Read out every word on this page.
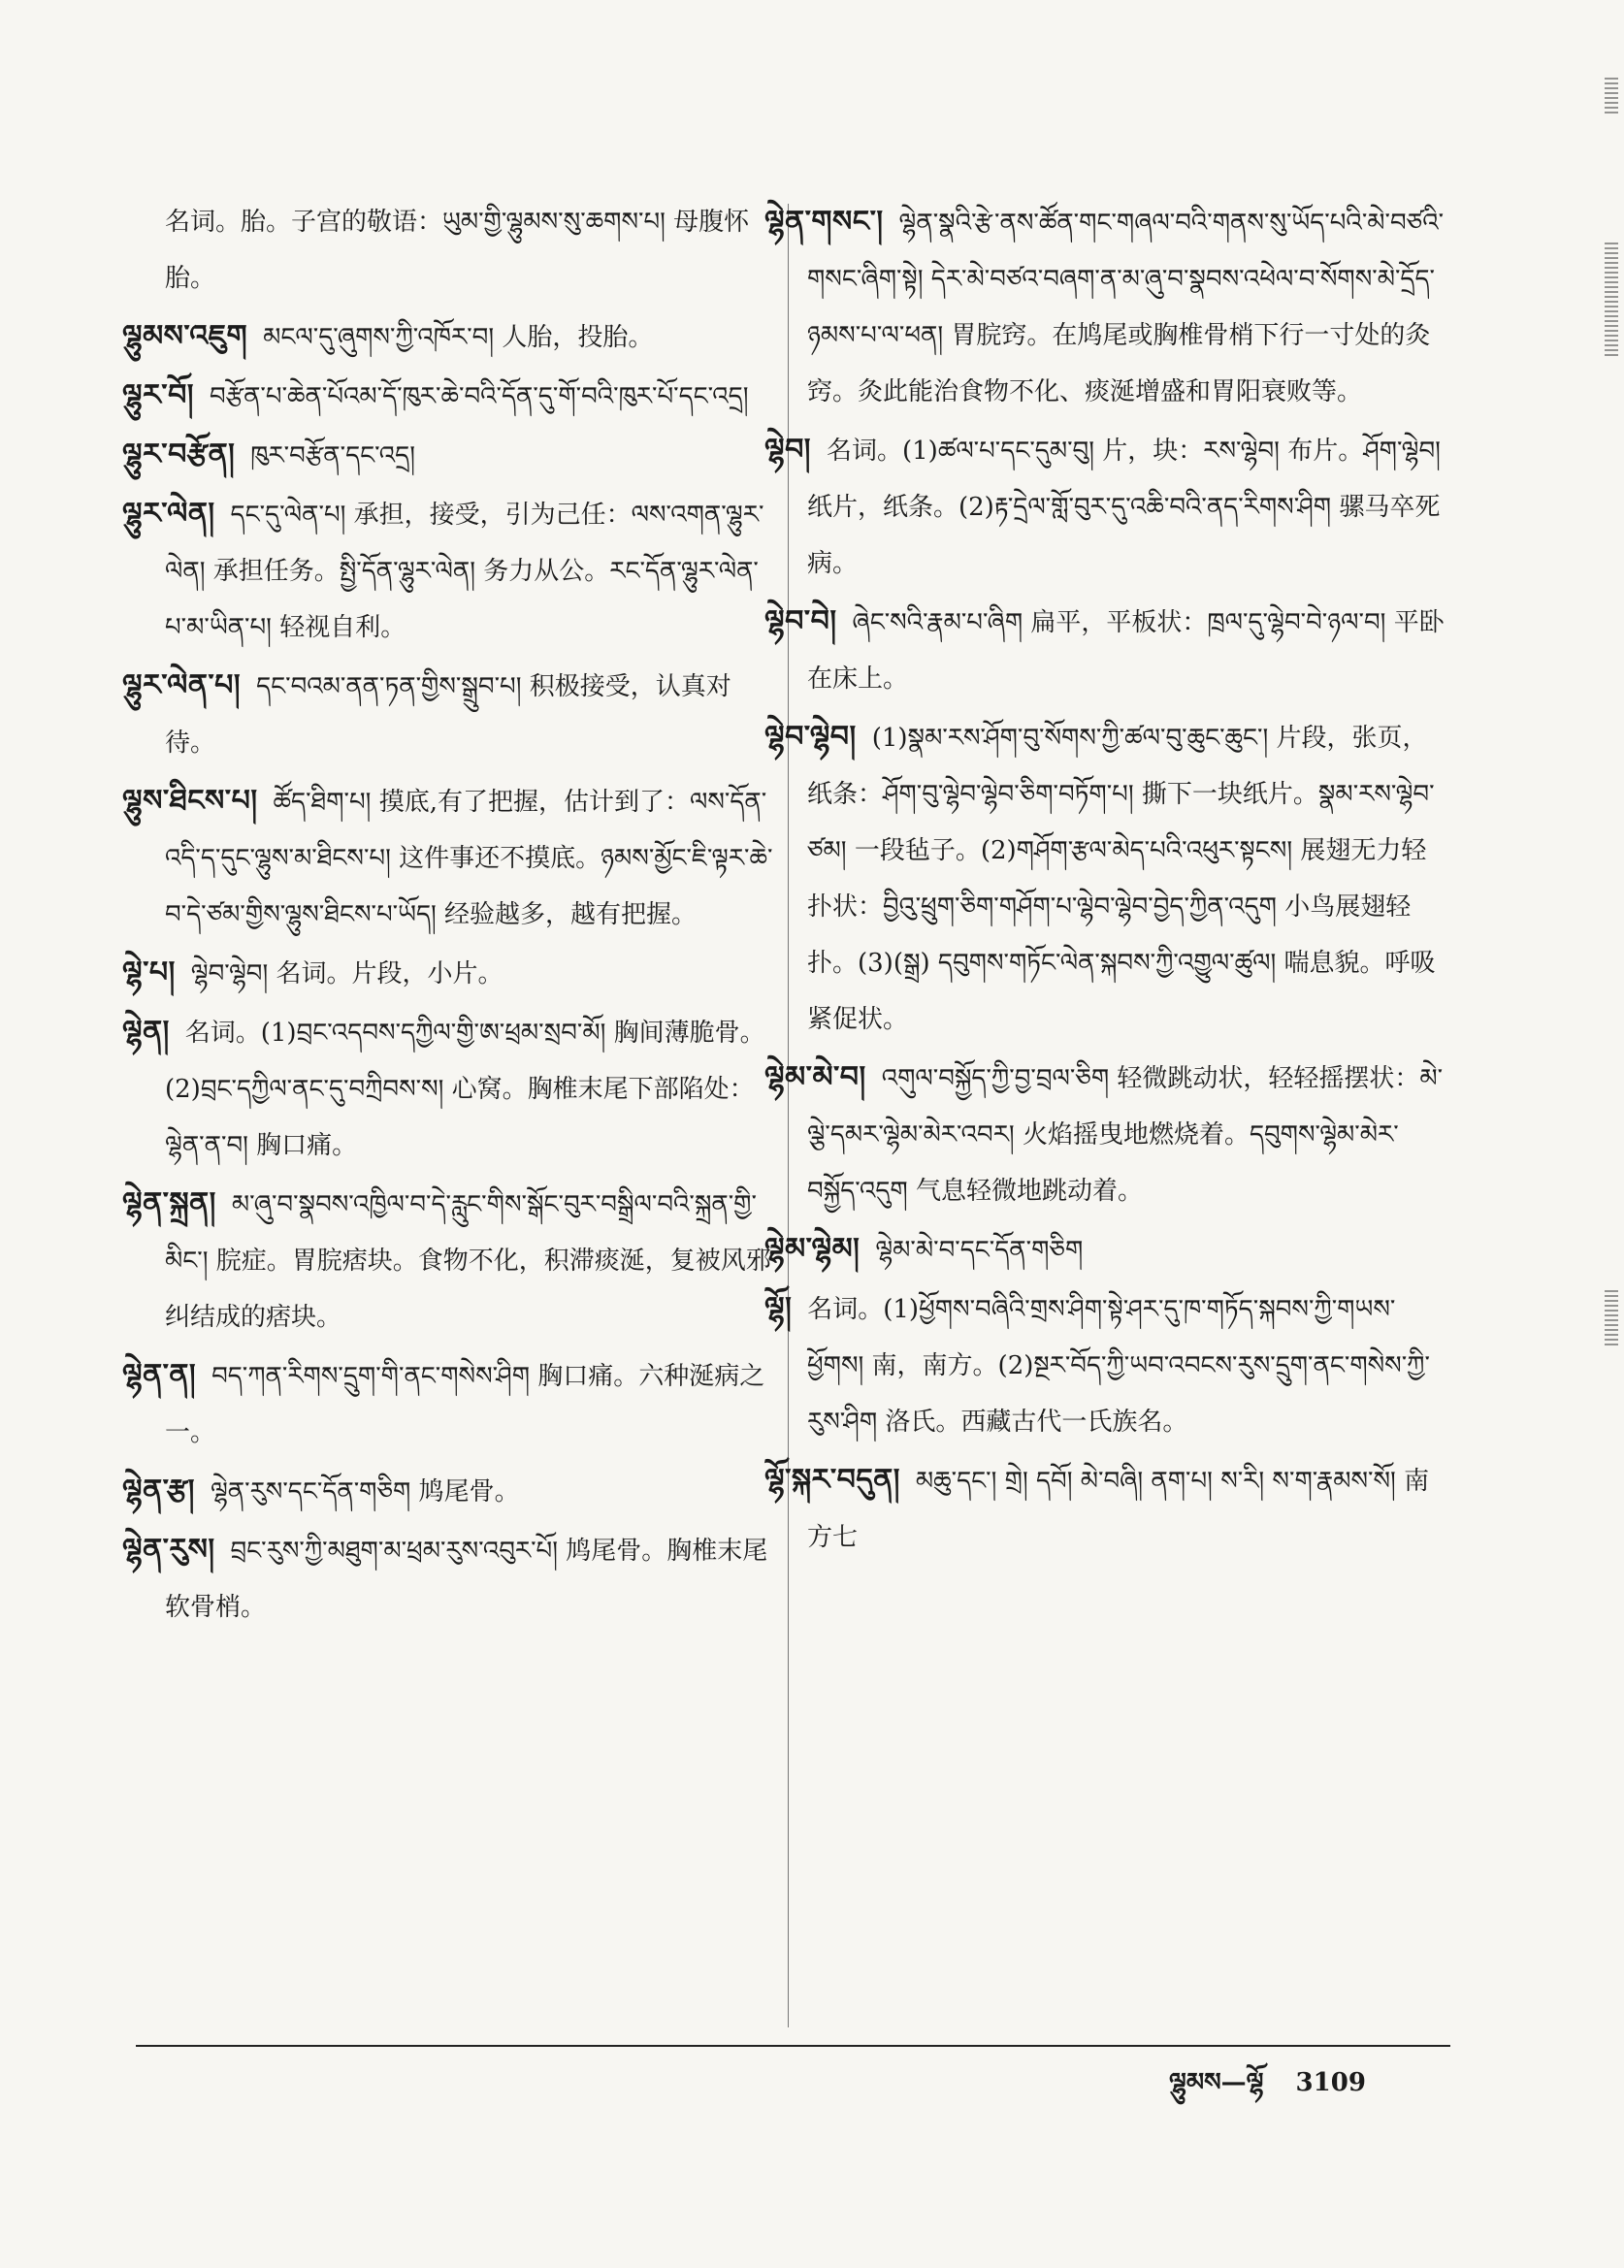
名词。胎。子宫的敬语：ཡུམ་གྱི་ལྷུམས་སུ་ཆགས་པ། 母腹怀胎。

ལྷུམས་འཇུག མངལ་དུ་ཞུགས་ཀྱི་འཁོར་བ། 人胎，投胎。

ལྷུར་བོ། བརྩོན་པ་ཆེན་པོའམ་དོ་ཁུར་ཆེ་བའི་དོན་དུ་གོ་བའི་ཁུར་པོ་དང་འདྲ།

ལྷུར་བརྩོན། ཁུར་བརྩོན་དང་འདྲ།

ལྷུར་ལེན། དང་དུ་ལེན་པ། 承担，接受，引为己任：ལས་འགན་ལྷུར་ལེན། 承担任务。སྤྱི་དོན་ལྷུར་ལེན། 务力从公。རང་དོན་ལྷུར་ལེན་པ་མ་ཡིན་པ། 轻视自利。

ལྷུར་ལེན་པ། དང་བའམ་ནན་ཏན་གྱིས་སྒྲུབ་པ། 积极接受，认真对待。

ལྷུས་ཐིངས་པ། ཚོད་ཐིག་པ། 摸底,有了把握，估计到了：ལས་དོན་འདི་ད་དུང་ལྷུས་མ་ཐིངས་པ། 这件事还不摸底。ཉམས་མྱོང་ཇི་ལྟར་ཆེ་བ་དེ་ཙམ་གྱིས་ལྷུས་ཐིངས་པ་ཡོད། 经验越多，越有把握。

ལྷེ་པ། ལྷེབ་ལྷེབ། 名词。片段，小片。

ལྷེན། 名词。(1)བྲང་འདབས་དཀྱིལ་གྱི་ཨ་ཕྲམ་སྲབ་མོ། 胸间薄脆骨。 (2)བྲང་དཀྱིལ་ནང་དུ་བཀྲིབས་ས། 心窝。胸椎末尾下部陷处：ལྷེན་ན་བ། 胸口痛。

ལྷེན་སྐྲན། མ་ཞུ་བ་སྣབས་འཁྱིལ་བ་དེ་རླུང་གིས་སྒོང་བུར་བསྒྲིལ་བའི་སྐྲན་གྱི་མིང་། 脘症。胃脘痞块。食物不化，积滞痰涎，复被风邪纠结成的痞块。

ལྷེན་ན། བད་ཀན་རིགས་དྲུག་གི་ནང་གསེས་ཤིག 胸口痛。六种涎病之一。

ལྷེན་རྩ། ལྷེན་རུས་དང་དོན་གཅིག 鸠尾骨。

ལྷེན་རུས། བྲང་རུས་ཀྱི་མཐུག་མ་ཕྲམ་རུས་འབུར་པོ། 鸠尾骨。胸椎末尾软骨梢。

ལྷེན་གསང་། ལྷེན་སྣའི་རྩེ་ནས་ཚོན་གང་གཞལ་བའི་གནས་སུ་ཡོད་པའི་མེ་བཙའི་གསང་ཞིག་སྟེ། དེར་མེ་བཙའ་བཞག་ན་མ་ཞུ་བ་སྣབས་འཕེལ་བ་སོགས་མེ་དྲོད་ཉམས་པ་ལ་ཕན། 胃脘窍。在鸠尾或胸椎骨梢下行一寸处的灸窍。灸此能治食物不化、痰涎增盛和胃阳衰败等。

ལྷེབ། 名词。(1)ཚལ་པ་དང་དུམ་བུ། 片，块：རས་ལྷེབ། 布片。ཤོག་ལྷེབ། 纸片，纸条。(2)རྟ་དྲེལ་གློ་བུར་དུ་འཆི་བའི་ནད་རིགས་ཤིག 骡马卒死病。

ལྷེབ་བེ། ཞེང་སའི་རྣམ་པ་ཞིག 扁平，平板状：ཁྲལ་དུ་ལྷེབ་བེ་ཉལ་བ། 平卧在床上。

ལྷེབ་ལྷེབ། (1)སྣམ་རས་ཤོག་བུ་སོགས་ཀྱི་ཚལ་བུ་ཆུང་ཆུང་། 片段，张页，纸条：ཤོག་བུ་ལྷེབ་ལྷེབ་ཅིག་བཏོག་པ། 撕下一块纸片。སྣམ་རས་ལྷེབ་ཙམ། 一段毡子。(2)གཤོག་རྩལ་མེད་པའི་འཕུར་སྟངས། 展翅无力轻扑状：བྱིའུ་ཕྲུག་ཅིག་གཤོག་པ་ལྷེབ་ལྷེབ་བྱེད་ཀྱིན་འདུག 小鸟展翅轻扑。(3)(སྒྲ) དབུགས་གཏོང་ལེན་སྐབས་ཀྱི་འགྱུལ་ཚུལ། 喘息貌。呼吸紧促状。

ལྷེམ་མེ་བ། འགུལ་བསྐྱོད་ཀྱི་བྱ་བྲལ་ཅིག 轻微跳动状，轻轻摇摆状：མེ་ལྕེ་དམར་ལྷེམ་མེར་འབར། 火焰摇曳地燃烧着。དབུགས་ལྷེམ་མེར་བསྐྱོད་འདུག 气息轻微地跳动着。

ལྷེམ་ལྷེམ། ལྷེམ་མེ་བ་དང་དོན་གཅིག

ལྷོ། 名词。(1)ཕྱོགས་བཞིའི་གྲས་ཤིག་སྟེ་ཤར་དུ་ཁ་གཏོད་སྐབས་ཀྱི་གཡས་ཕྱོགས། 南，南方。(2)སྔར་བོད་ཀྱི་ཡབ་འབངས་རུས་དྲུག་ནང་གསེས་ཀྱི་རུས་ཤིག 洛氏。西藏古代一氏族名。

ལྷོ་སྐར་བདུན། མཆུ་དང་། གྲེ། དབོ། མེ་བཞི། ནག་པ། ས་རི། ས་ག་རྣམས་སོ། 南方七

ལྷུམས—ལྷོ 3109
